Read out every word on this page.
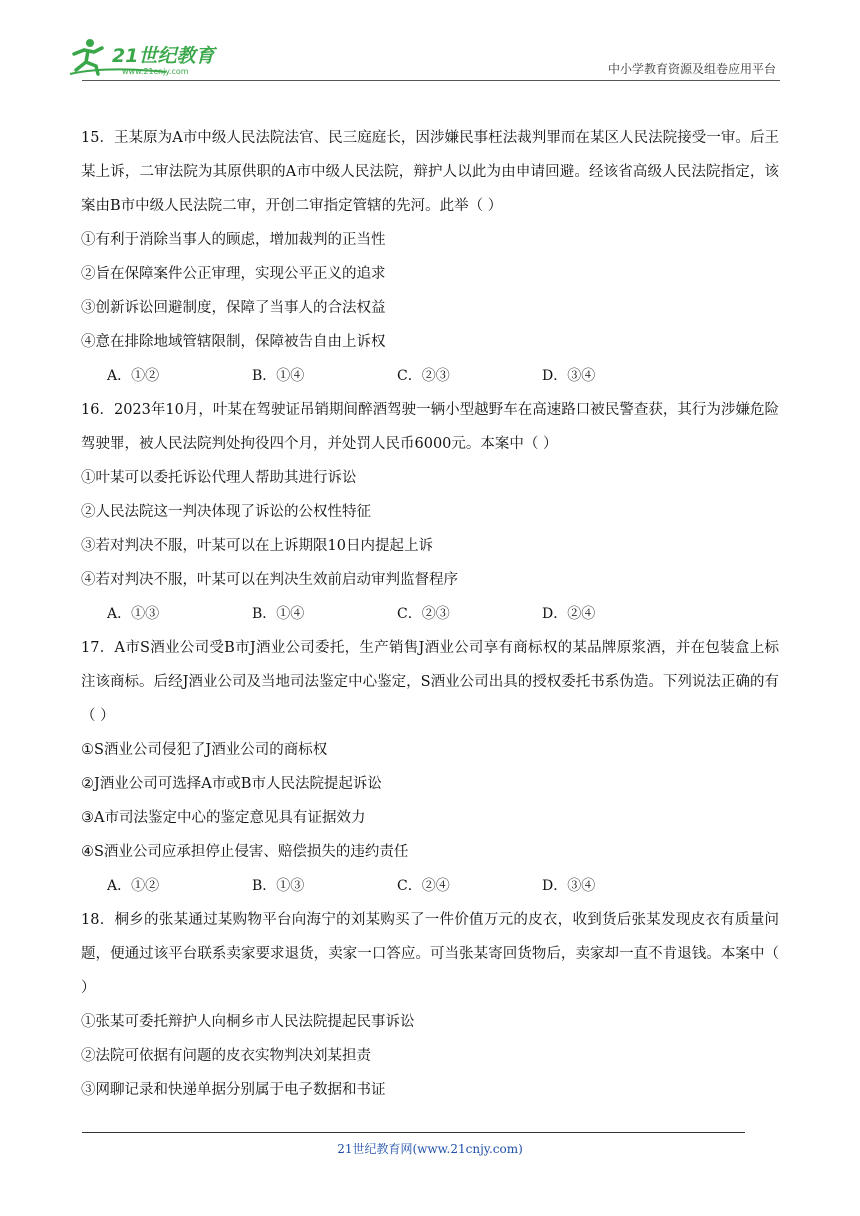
21世纪教育
www.21cnjy.com	中小学教育资源及组卷应用平台

15．王某原为A市中级人民法院法官、民三庭庭长，因涉嫌民事枉法裁判罪而在某区人民法院接受一审。后王某上诉，二审法院为其原供职的A市中级人民法院，辩护人以此为由申请回避。经该省高级人民法院指定，该案由B市中级人民法院二审，开创二审指定管辖的先河。此举（ ）

①有利于消除当事人的顾虑，增加裁判的正当性

②旨在保障案件公正审理，实现公平正义的追求

③创新诉讼回避制度，保障了当事人的合法权益

④意在排除地域管辖限制，保障被告自由上诉权

A．①②	B．①④	C．②③	D．③④

16．2023年10月，叶某在驾驶证吊销期间醉酒驾驶一辆小型越野车在高速路口被民警查获，其行为涉嫌危险驾驶罪，被人民法院判处拘役四个月，并处罚人民币6000元。本案中（ ）

①叶某可以委托诉讼代理人帮助其进行诉讼

②人民法院这一判决体现了诉讼的公权性特征

③若对判决不服，叶某可以在上诉期限10日内提起上诉

④若对判决不服，叶某可以在判决生效前启动审判监督程序

A．①③	B．①④	C．②③	D．②④

17．A市S酒业公司受B市J酒业公司委托，生产销售J酒业公司享有商标权的某品牌原浆酒，并在包装盒上标注该商标。后经J酒业公司及当地司法鉴定中心鉴定，S酒业公司出具的授权委托书系伪造。下列说法正确的有（ ）

①S酒业公司侵犯了J酒业公司的商标权

②J酒业公司可选择A市或B市人民法院提起诉讼

③A市司法鉴定中心的鉴定意见具有证据效力

④S酒业公司应承担停止侵害、赔偿损失的违约责任

A．①②	B．①③	C．②④	D．③④

18．桐乡的张某通过某购物平台向海宁的刘某购买了一件价值万元的皮衣，收到货后张某发现皮衣有质量问题，便通过该平台联系卖家要求退货，卖家一口答应。可当张某寄回货物后，卖家却一直不肯退钱。本案中（ ）

①张某可委托辩护人向桐乡市人民法院提起民事诉讼

②法院可依据有问题的皮衣实物判决刘某担责

③网聊记录和快递单据分别属于电子数据和书证

21世纪教育网(www.21cnjy.com)
